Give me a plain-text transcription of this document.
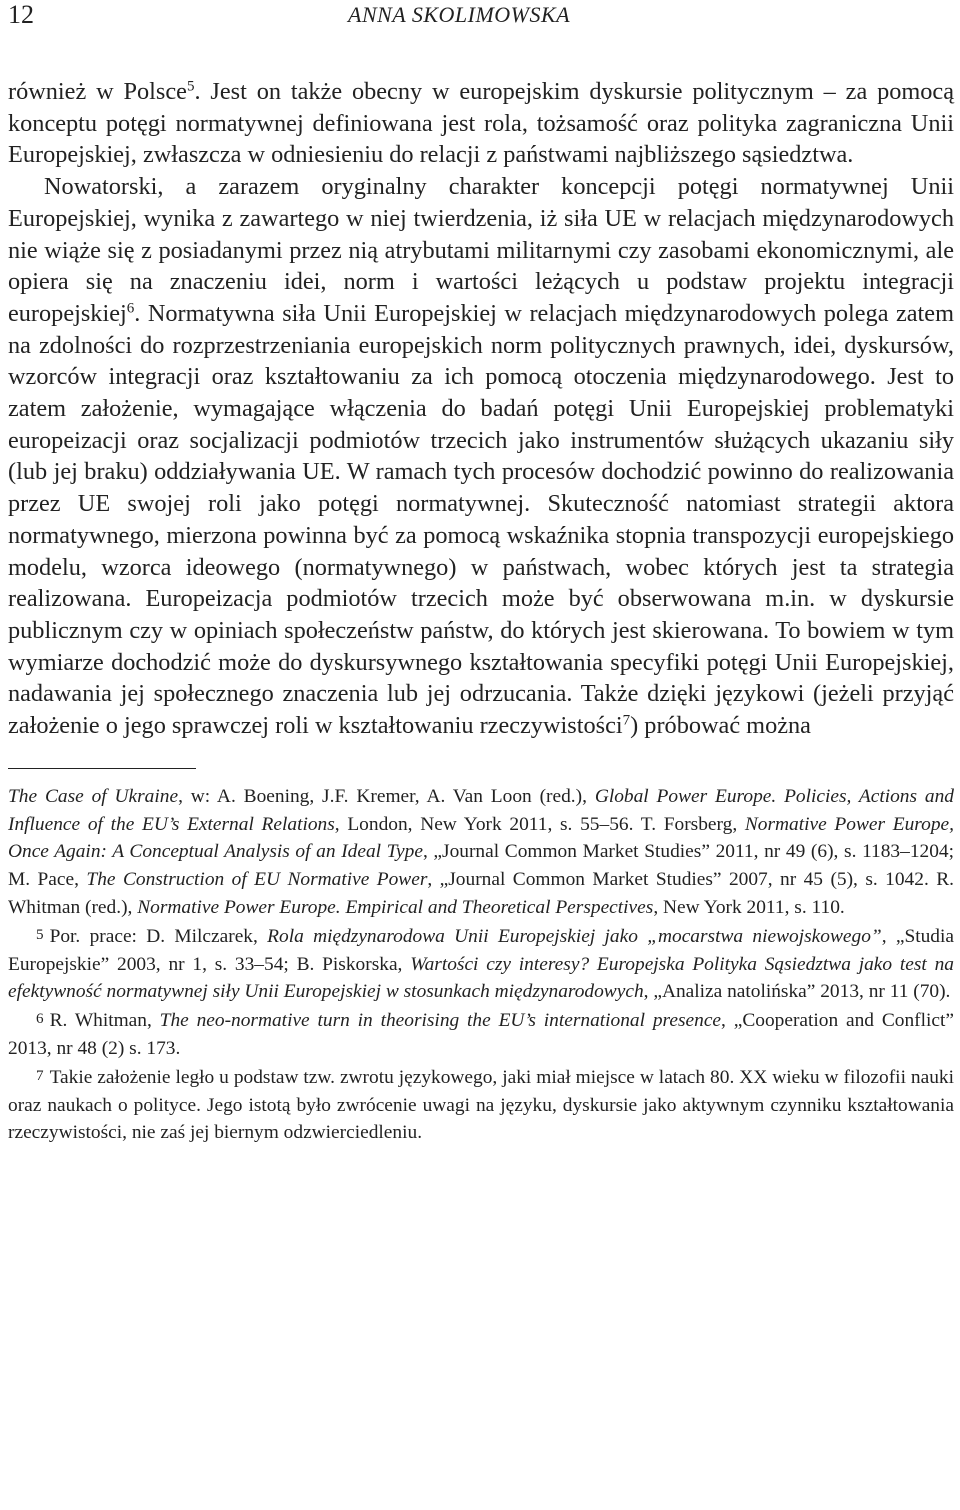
12	ANNA SKOLIMOWSKA

również w Polsce$^5$. Jest on także obecny w europejskim dyskursie politycznym – za pomocą konceptu potęgi normatywnej definiowana jest rola, tożsamość oraz polityka zagraniczna Unii Europejskiej, zwłaszcza w odniesieniu do relacji z państwami najbliższego sąsiedztwa.

Nowatorski, a zarazem oryginalny charakter koncepcji potęgi normatywnej Unii Europejskiej, wynika z zawartego w niej twierdzenia, iż siła UE w relacjach międzynarodowych nie wiąże się z posiadanymi przez nią atrybutami militarnymi czy zasobami ekonomicznymi, ale opiera się na znaczeniu idei, norm i wartości leżących u podstaw projektu integracji europejskiej$^6$. Normatywna siła Unii Europejskiej w relacjach międzynarodowych polega zatem na zdolności do rozprzestrzeniania europejskich norm politycznych prawnych, idei, dyskursów, wzorców integracji oraz kształtowaniu za ich pomocą otoczenia międzynarodowego. Jest to zatem założenie, wymagające włączenia do badań potęgi Unii Europejskiej problematyki europeizacji oraz socjalizacji podmiotów trzecich jako instrumentów służących ukazaniu siły (lub jej braku) oddziaływania UE. W ramach tych procesów dochodzić powinno do realizowania przez UE swojej roli jako potęgi normatywnej. Skuteczność natomiast strategii aktora normatywnego, mierzona powinna być za pomocą wskaźnika stopnia transpozycji europejskiego modelu, wzorca ideowego (normatywnego) w państwach, wobec których jest ta strategia realizowana. Europeizacja podmiotów trzecich może być obserwowana m.in. w dyskursie publicznym czy w opiniach społeczeństw państw, do których jest skierowana. To bowiem w tym wymiarze dochodzić może do dyskursywnego kształtowania specyfiki potęgi Unii Europejskiej, nadawania jej społecznego znaczenia lub jej odrzucania. Także dzięki językowi (jeżeli przyjąć założenie o jego sprawczej roli w kształtowaniu rzeczywistości$^7$) próbować można

The Case of Ukraine, w: A. Boening, J.F. Kremer, A. Van Loon (red.), Global Power Europe. Policies, Actions and Influence of the EU’s External Relations, London, New York 2011, s. 55–56. T. Forsberg, Normative Power Europe, Once Again: A Conceptual Analysis of an Ideal Type, „Journal Common Market Studies” 2011, nr 49 (6), s. 1183–1204; M. Pace, The Construction of EU Normative Power, „Journal Common Market Studies” 2007, nr 45 (5), s. 1042. R. Whitman (red.), Normative Power Europe. Empirical and Theoretical Perspectives, New York 2011, s. 110.

5 Por. prace: D. Milczarek, Rola międzynarodowa Unii Europejskiej jako „mocarstwa niewojskowego”, „Studia Europejskie” 2003, nr 1, s. 33–54; B. Piskorska, Wartości czy interesy? Europejska Polityka Sąsiedztwa jako test na efektywność normatywnej siły Unii Europejskiej w stosunkach międzynarodowych, „Analiza natolińska” 2013, nr 11 (70).

6 R. Whitman, The neo-normative turn in theorising the EU’s international presence, „Cooperation and Conflict” 2013, nr 48 (2) s. 173.

7 Takie założenie legło u podstaw tzw. zwrotu językowego, jaki miał miejsce w latach 80. XX wieku w filozofii nauki oraz naukach o polityce. Jego istotą było zwrócenie uwagi na języku, dyskursie jako aktywnym czynniku kształtowania rzeczywistości, nie zaś jej biernym odzwierciedleniu.
